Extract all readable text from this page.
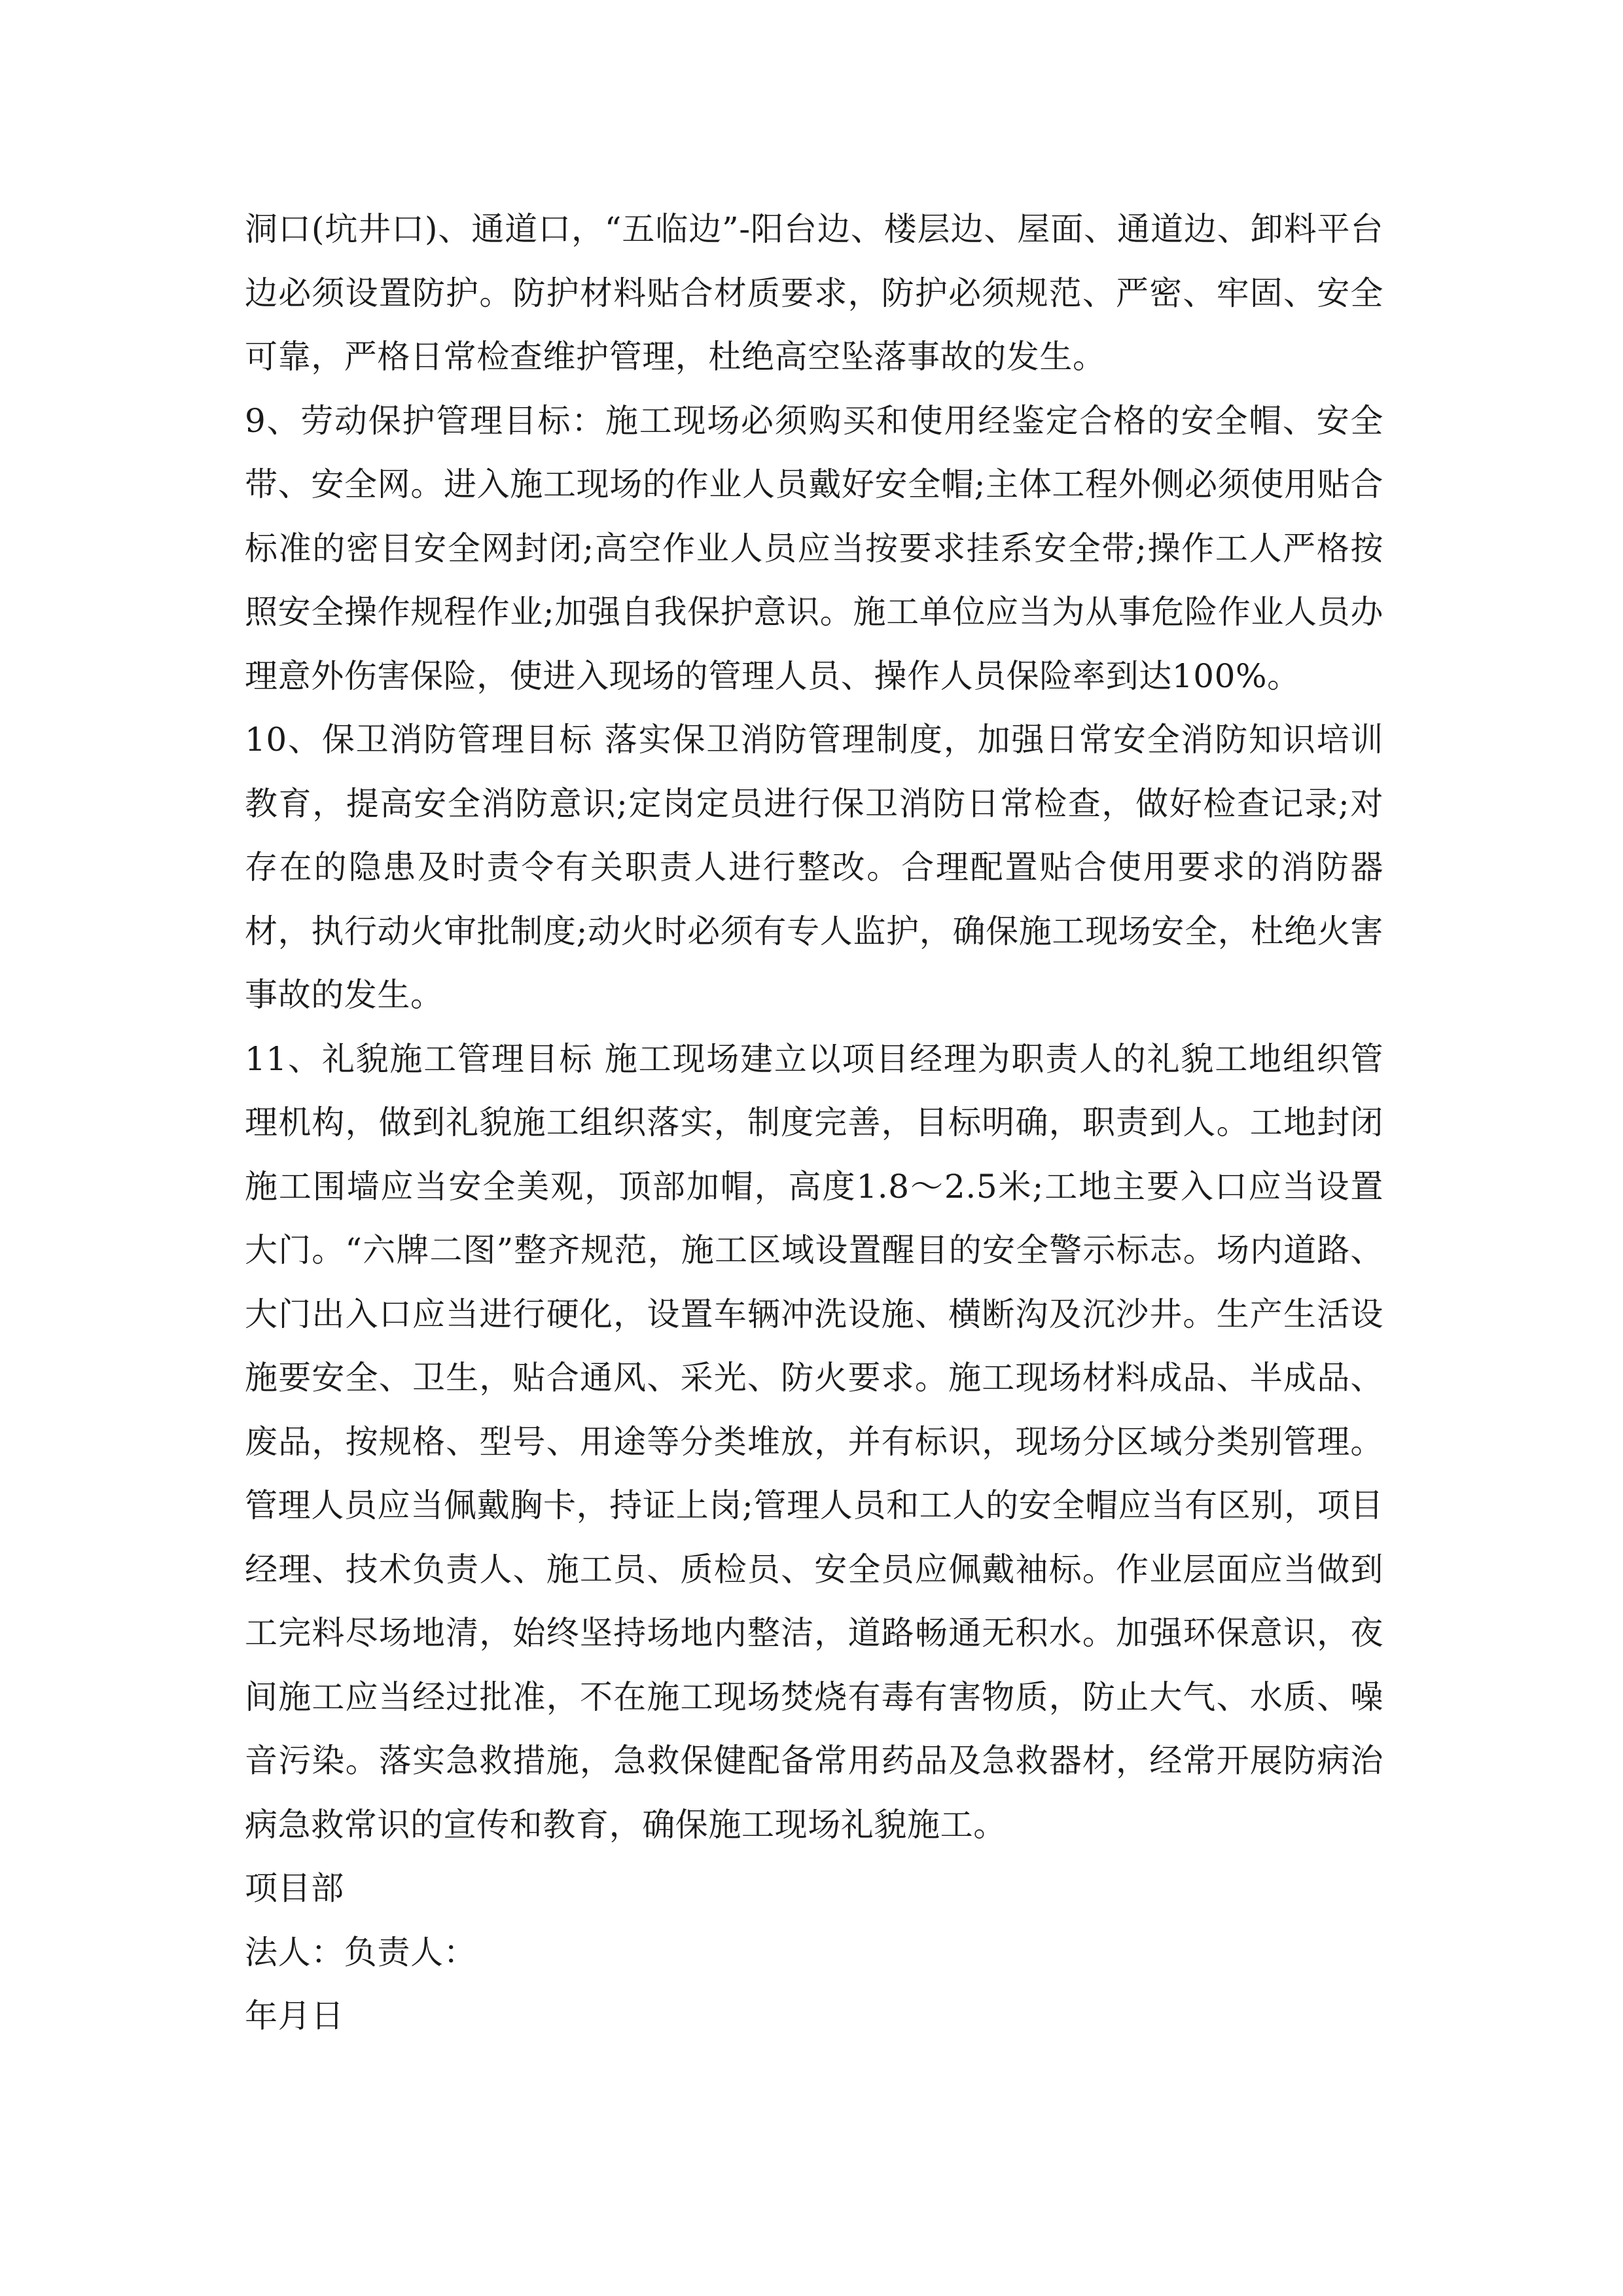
洞口(坑井口)、通道口，“五临边”-阳台边、楼层边、屋面、通道边、卸料平台边必须设置防护。防护材料贴合材质要求，防护必须规范、严密、牢固、安全可靠，严格日常检查维护管理，杜绝高空坠落事故的发生。

9、劳动保护管理目标：施工现场必须购买和使用经鉴定合格的安全帽、安全带、安全网。进入施工现场的作业人员戴好安全帽;主体工程外侧必须使用贴合标准的密目安全网封闭;高空作业人员应当按要求挂系安全带;操作工人严格按照安全操作规程作业;加强自我保护意识。施工单位应当为从事危险作业人员办理意外伤害保险，使进入现场的管理人员、操作人员保险率到达100%。

10、保卫消防管理目标 落实保卫消防管理制度，加强日常安全消防知识培训教育，提高安全消防意识;定岗定员进行保卫消防日常检查，做好检查记录;对存在的隐患及时责令有关职责人进行整改。合理配置贴合使用要求的消防器材，执行动火审批制度;动火时必须有专人监护，确保施工现场安全，杜绝火害事故的发生。

11、礼貌施工管理目标 施工现场建立以项目经理为职责人的礼貌工地组织管理机构，做到礼貌施工组织落实，制度完善，目标明确，职责到人。工地封闭施工围墙应当安全美观，顶部加帽，高度1.8～2.5米;工地主要入口应当设置大门。“六牌二图”整齐规范，施工区域设置醒目的安全警示标志。场内道路、大门出入口应当进行硬化，设置车辆冲洗设施、横断沟及沉沙井。生产生活设施要安全、卫生，贴合通风、采光、防火要求。施工现场材料成品、半成品、废品，按规格、型号、用途等分类堆放，并有标识，现场分区域分类别管理。管理人员应当佩戴胸卡，持证上岗;管理人员和工人的安全帽应当有区别，项目经理、技术负责人、施工员、质检员、安全员应佩戴袖标。作业层面应当做到工完料尽场地清，始终坚持场地内整洁，道路畅通无积水。加强环保意识，夜间施工应当经过批准，不在施工现场焚烧有毒有害物质，防止大气、水质、噪音污染。落实急救措施，急救保健配备常用药品及急救器材，经常开展防病治病急救常识的宣传和教育，确保施工现场礼貌施工。

项目部

法人：负责人：

年月日
